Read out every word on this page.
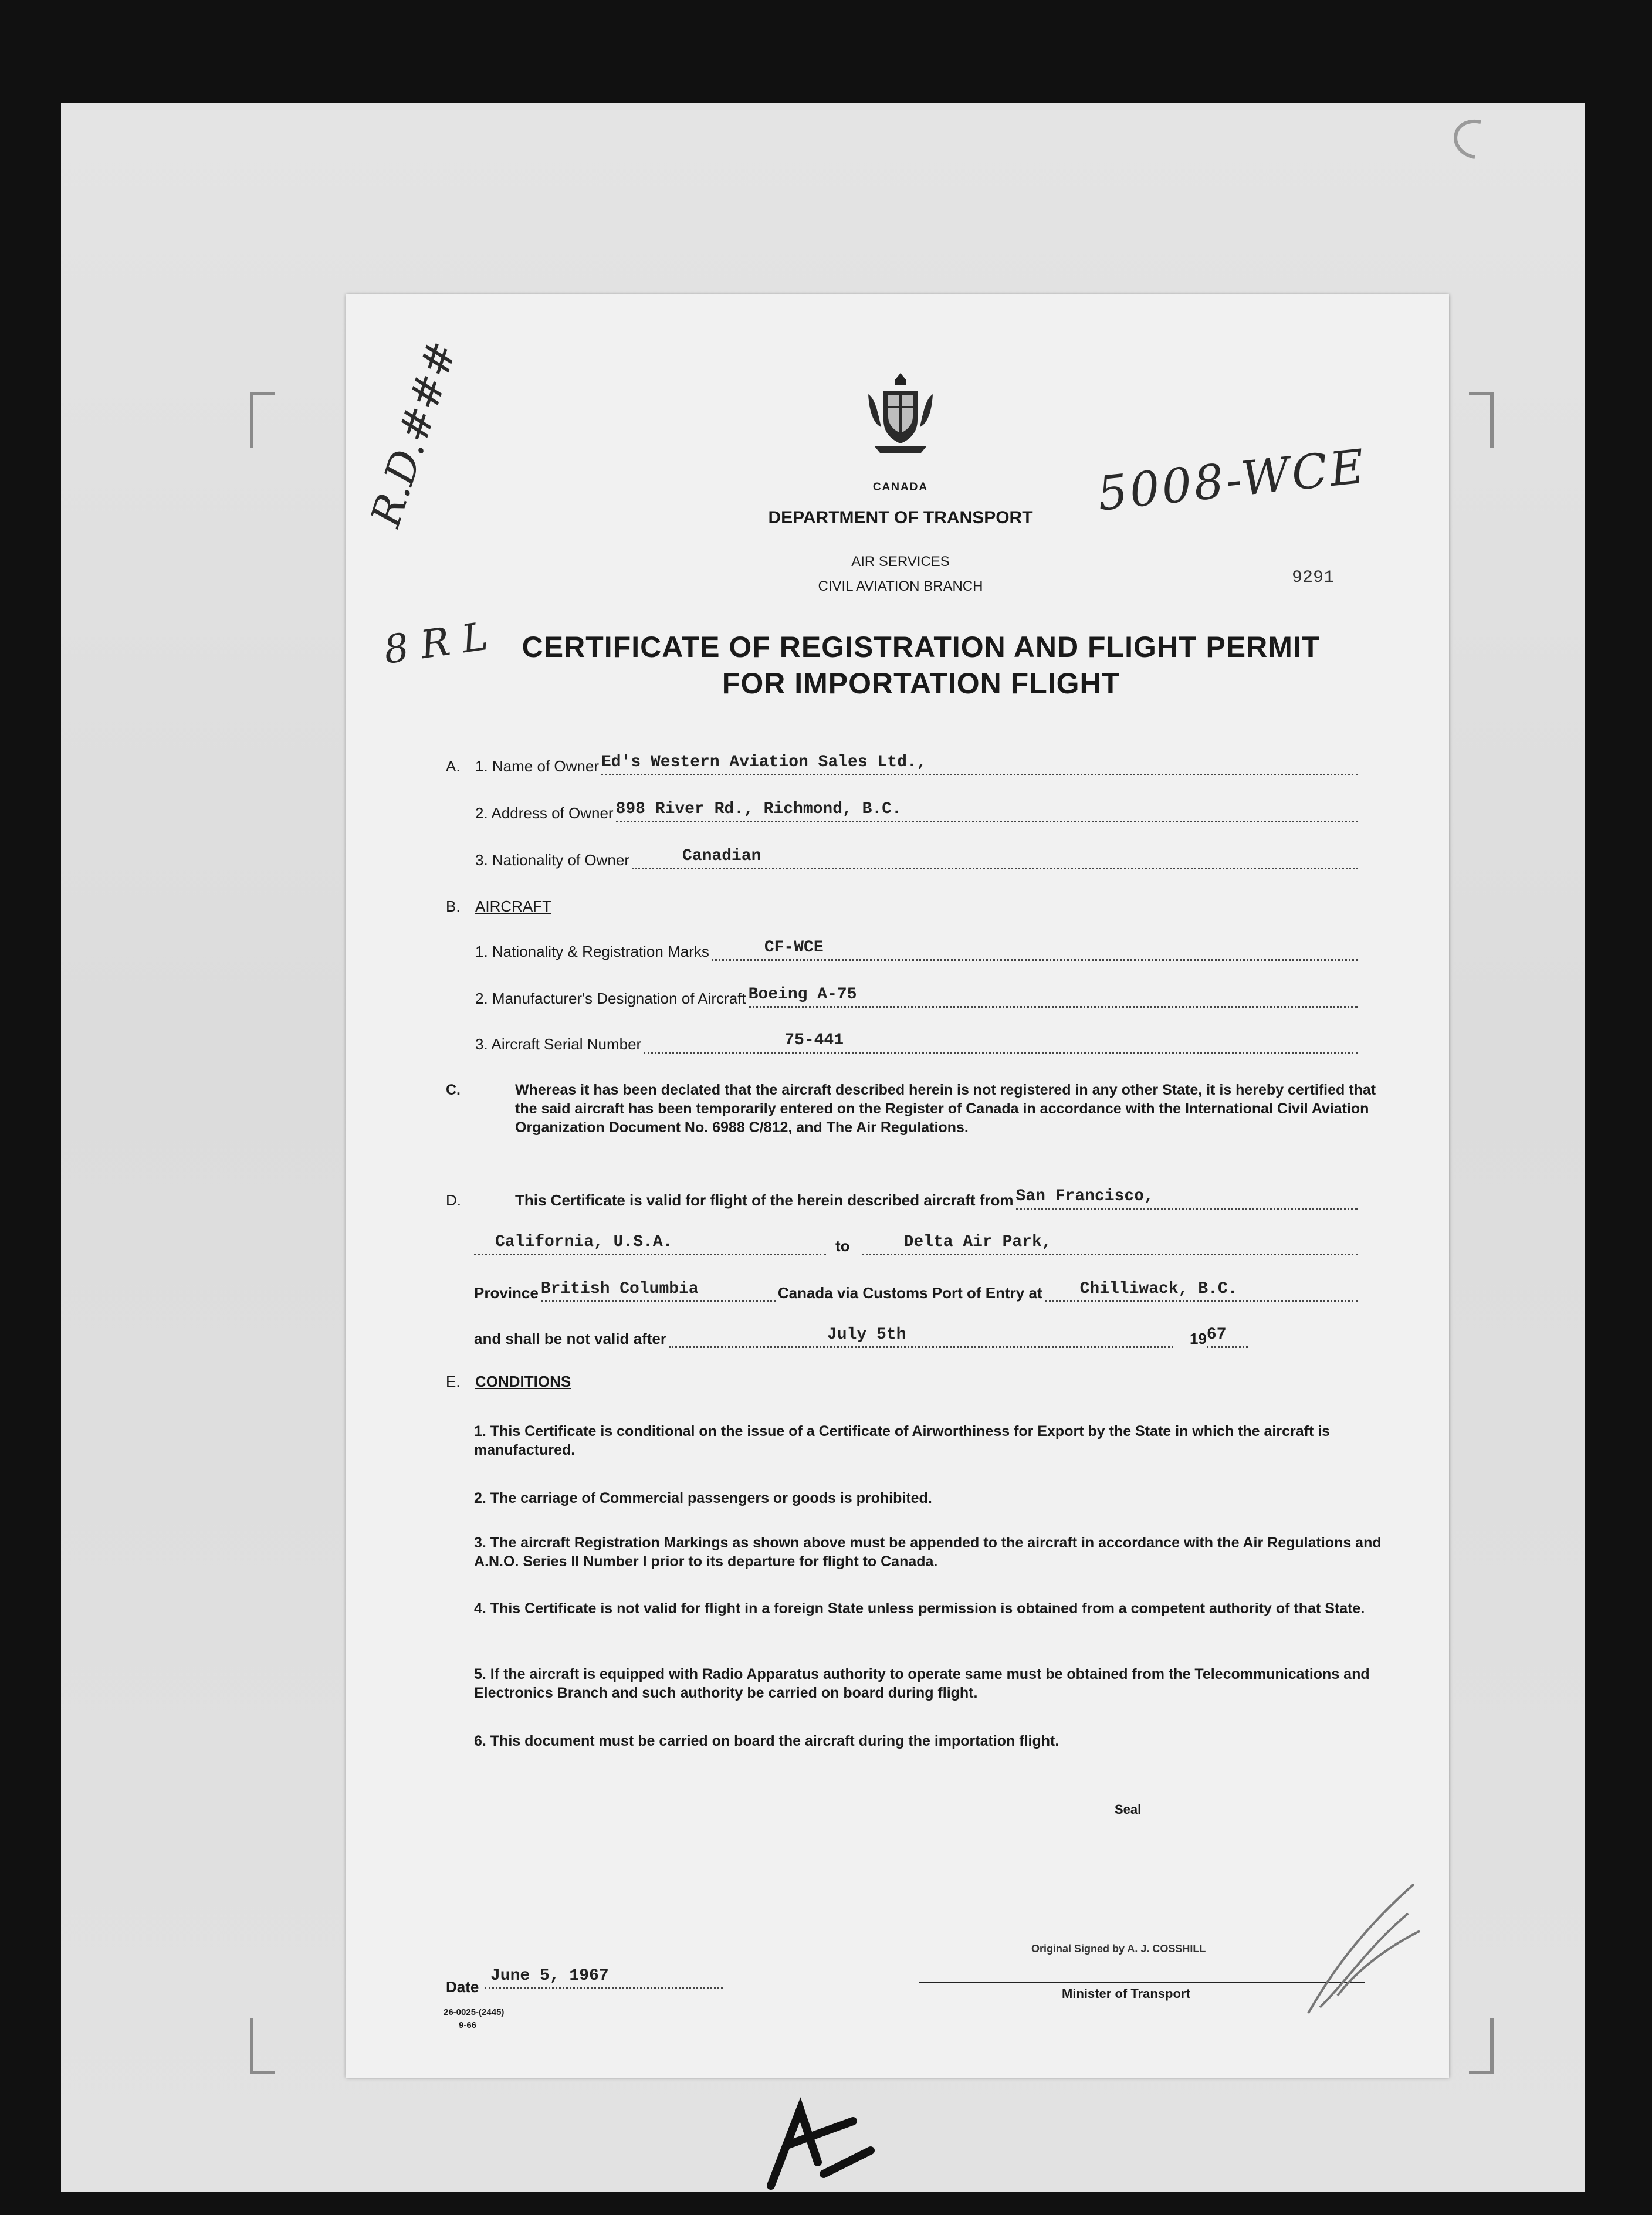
R.D.###
8 R L
5008-WCE
CANADA
DEPARTMENT OF TRANSPORT
AIR SERVICES
CIVIL AVIATION BRANCH	9291
CERTIFICATE OF REGISTRATION AND FLIGHT PERMIT
FOR IMPORTATION FLIGHT
A. 1. Name of Owner Ed's Western Aviation Sales Ltd.,
2. Address of Owner 898 River Rd., Richmond, B.C.
3. Nationality of Owner	Canadian
B. AIRCRAFT
1. Nationality & Registration Marks	CF-WCE
2. Manufacturer's Designation of Aircraft Boeing A-75
3. Aircraft Serial Number	75-441
C.	Whereas it has been declated that the aircraft described herein is not registered in any other State, it is hereby certified that the said aircraft has been temporarily entered on the Register of Canada in accordance with the International Civil Aviation Organization Document No. 6988 C/812, and The Air Regulations.
D.	This Certificate is valid for flight of the herein described aircraft from San Francisco,
California, U.S.A.	to	Delta Air Park,
Province British Columbia	Canada via Customs Port of Entry at Chilliwack, B.C.
and shall be not valid after	July 5th	19 67
E. CONDITIONS
1. This Certificate is conditional on the issue of a Certificate of Airworthiness for Export by the State in which the aircraft is manufactured.
2. The carriage of Commercial passengers or goods is prohibited.
3. The aircraft Registration Markings as shown above must be appended to the aircraft in accordance with the Air Regulations and A.N.O. Series II Number I prior to its departure for flight to Canada.
4. This Certificate is not valid for flight in a foreign State unless permission is obtained from a competent authority of that State.
5. If the aircraft is equipped with Radio Apparatus authority to operate same must be obtained from the Telecommunications and Electronics Branch and such authority be carried on board during flight.
6. This document must be carried on board the aircraft during the importation flight.
Seal
Original Signed by A. J. COSSHILL
Minister of Transport
Date
June 5, 1967
26-0025-(2445)
9-66
